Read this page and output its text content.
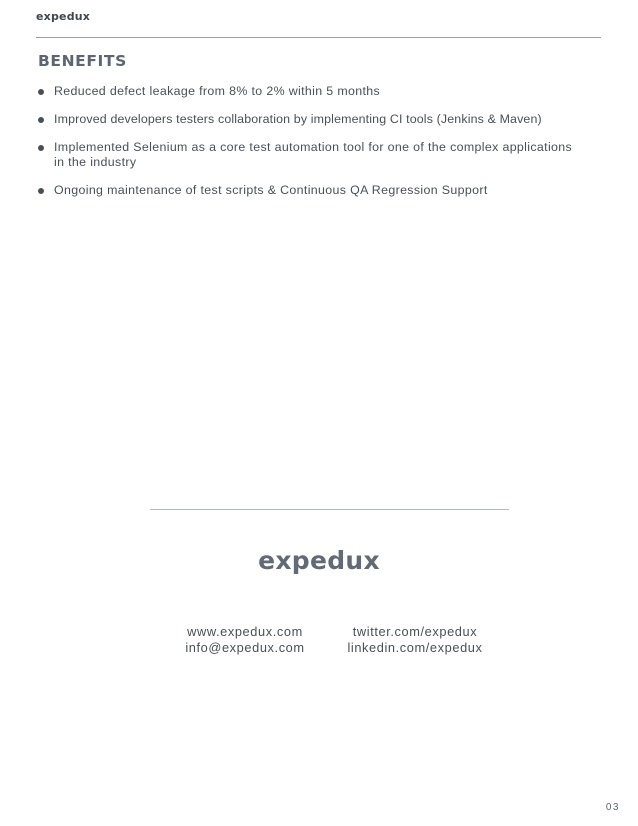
expedux
BENEFITS
Reduced defect leakage from 8% to 2% within 5 months
Improved developers testers collaboration by implementing CI tools (Jenkins & Maven)
Implemented Selenium as a core test automation tool for one of the complex applications in the industry
Ongoing maintenance of test scripts & Continuous QA Regression Support
expedux
www.expedux.com
info@expedux.com
twitter.com/expedux
linkedin.com/expedux
03
